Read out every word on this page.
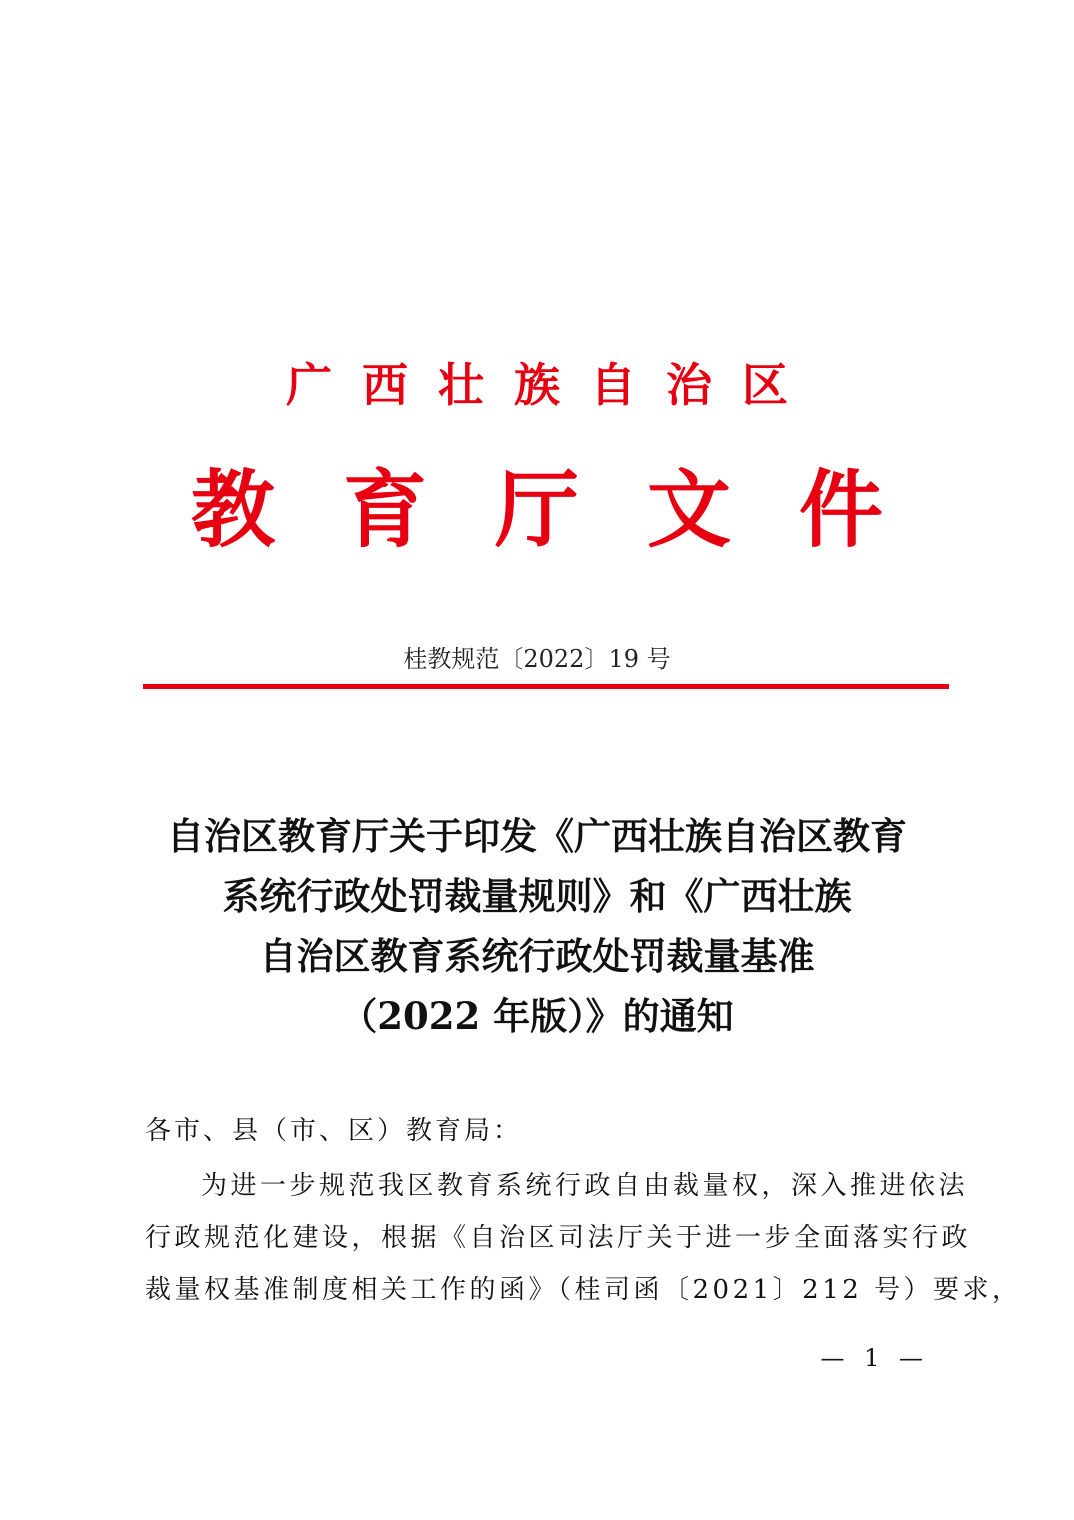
广西壮族自治区
教育厅文件
桂教规范〔2022〕19 号
自治区教育厅关于印发《广西壮族自治区教育
系统行政处罚裁量规则》和《广西壮族
自治区教育系统行政处罚裁量基准
（2022 年版）》的通知
各市、县（市、区）教育局：
为进一步规范我区教育系统行政自由裁量权，深入推进依法
行政规范化建设，根据《自治区司法厅关于进一步全面落实行政
裁量权基准制度相关工作的函》（桂司函〔2021〕212 号）要求，
— 1 —
